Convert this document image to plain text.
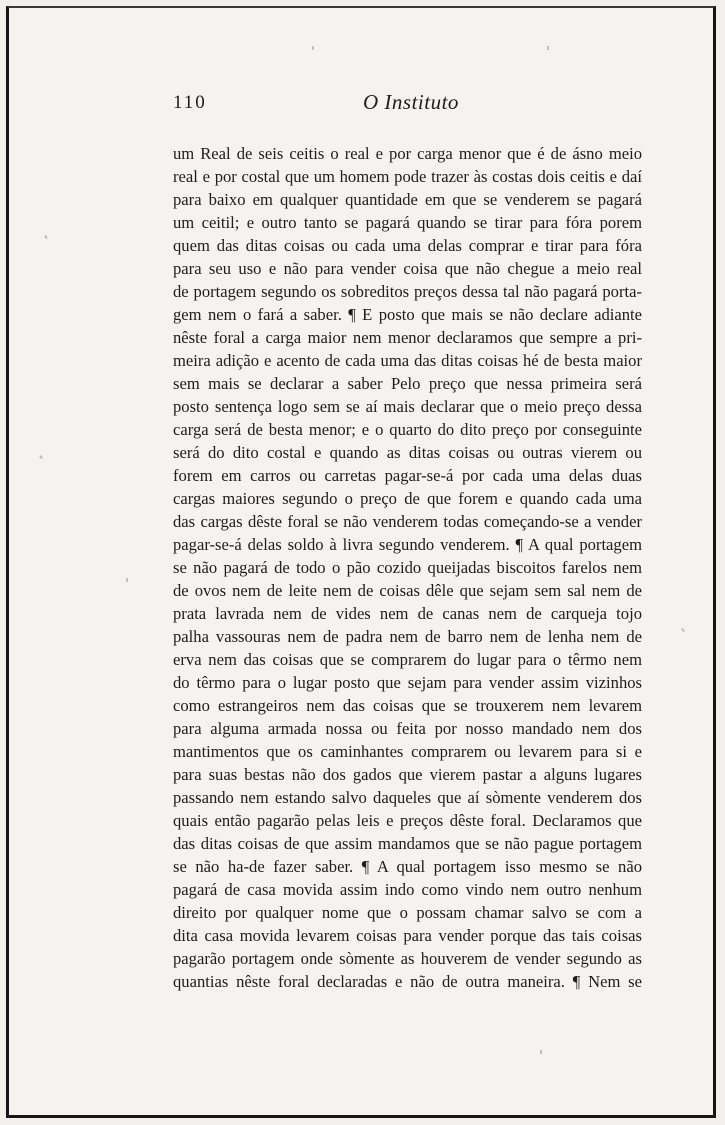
110	O Instituto
um Real de seis ceitis o real e por carga menor que é de ásno meio
real e por costal que um homem pode trazer às costas dois ceitis e daí
para baixo em qualquer quantidade em que se venderem se pagará
um ceitil; e outro tanto se pagará quando se tirar para fóra porem
quem das ditas coisas ou cada uma delas comprar e tirar para fóra
para seu uso e não para vender coisa que não chegue a meio real
de portagem segundo os sobreditos preços dessa tal não pagará porta-
gem nem o fará a saber. ¶ E posto que mais se não declare adiante
nêste foral a carga maior nem menor declaramos que sempre a pri-
meira adição e acento de cada uma das ditas coisas hé de besta maior
sem mais se declarar a saber Pelo preço que nessa primeira será
posto sentença logo sem se aí mais declarar que o meio preço dessa
carga será de besta menor; e o quarto do dito preço por conseguinte
será do dito costal e quando as ditas coisas ou outras vierem ou
forem em carros ou carretas pagar-se-á por cada uma delas duas
cargas maiores segundo o preço de que forem e quando cada uma
das cargas dêste foral se não venderem todas começando-se a vender
pagar-se-á delas soldo à livra segundo venderem. ¶ A qual portagem
se não pagará de todo o pão cozido queijadas biscoitos farelos nem
de ovos nem de leite nem de coisas dêle que sejam sem sal nem de
prata lavrada nem de vides nem de canas nem de carqueja tojo
palha vassouras nem de padra nem de barro nem de lenha nem de
erva nem das coisas que se comprarem do lugar para o têrmo nem
do têrmo para o lugar posto que sejam para vender assim vizinhos
como estrangeiros nem das coisas que se trouxerem nem levarem
para alguma armada nossa ou feita por nosso mandado nem dos
mantimentos que os caminhantes comprarem ou levarem para si e
para suas bestas não dos gados que vierem pastar a alguns lugares
passando nem estando salvo daqueles que aí sòmente venderem dos
quais então pagarão pelas leis e preços dêste foral. Declaramos que
das ditas coisas de que assim mandamos que se não pague portagem
se não ha-de fazer saber. ¶ A qual portagem isso mesmo se não
pagará de casa movida assim indo como vindo nem outro nenhum
direito por qualquer nome que o possam chamar salvo se com a
dita casa movida levarem coisas para vender porque das tais coisas
pagarão portagem onde sòmente as houverem de vender segundo as
quantias nêste foral declaradas e não de outra maneira. ¶ Nem se
